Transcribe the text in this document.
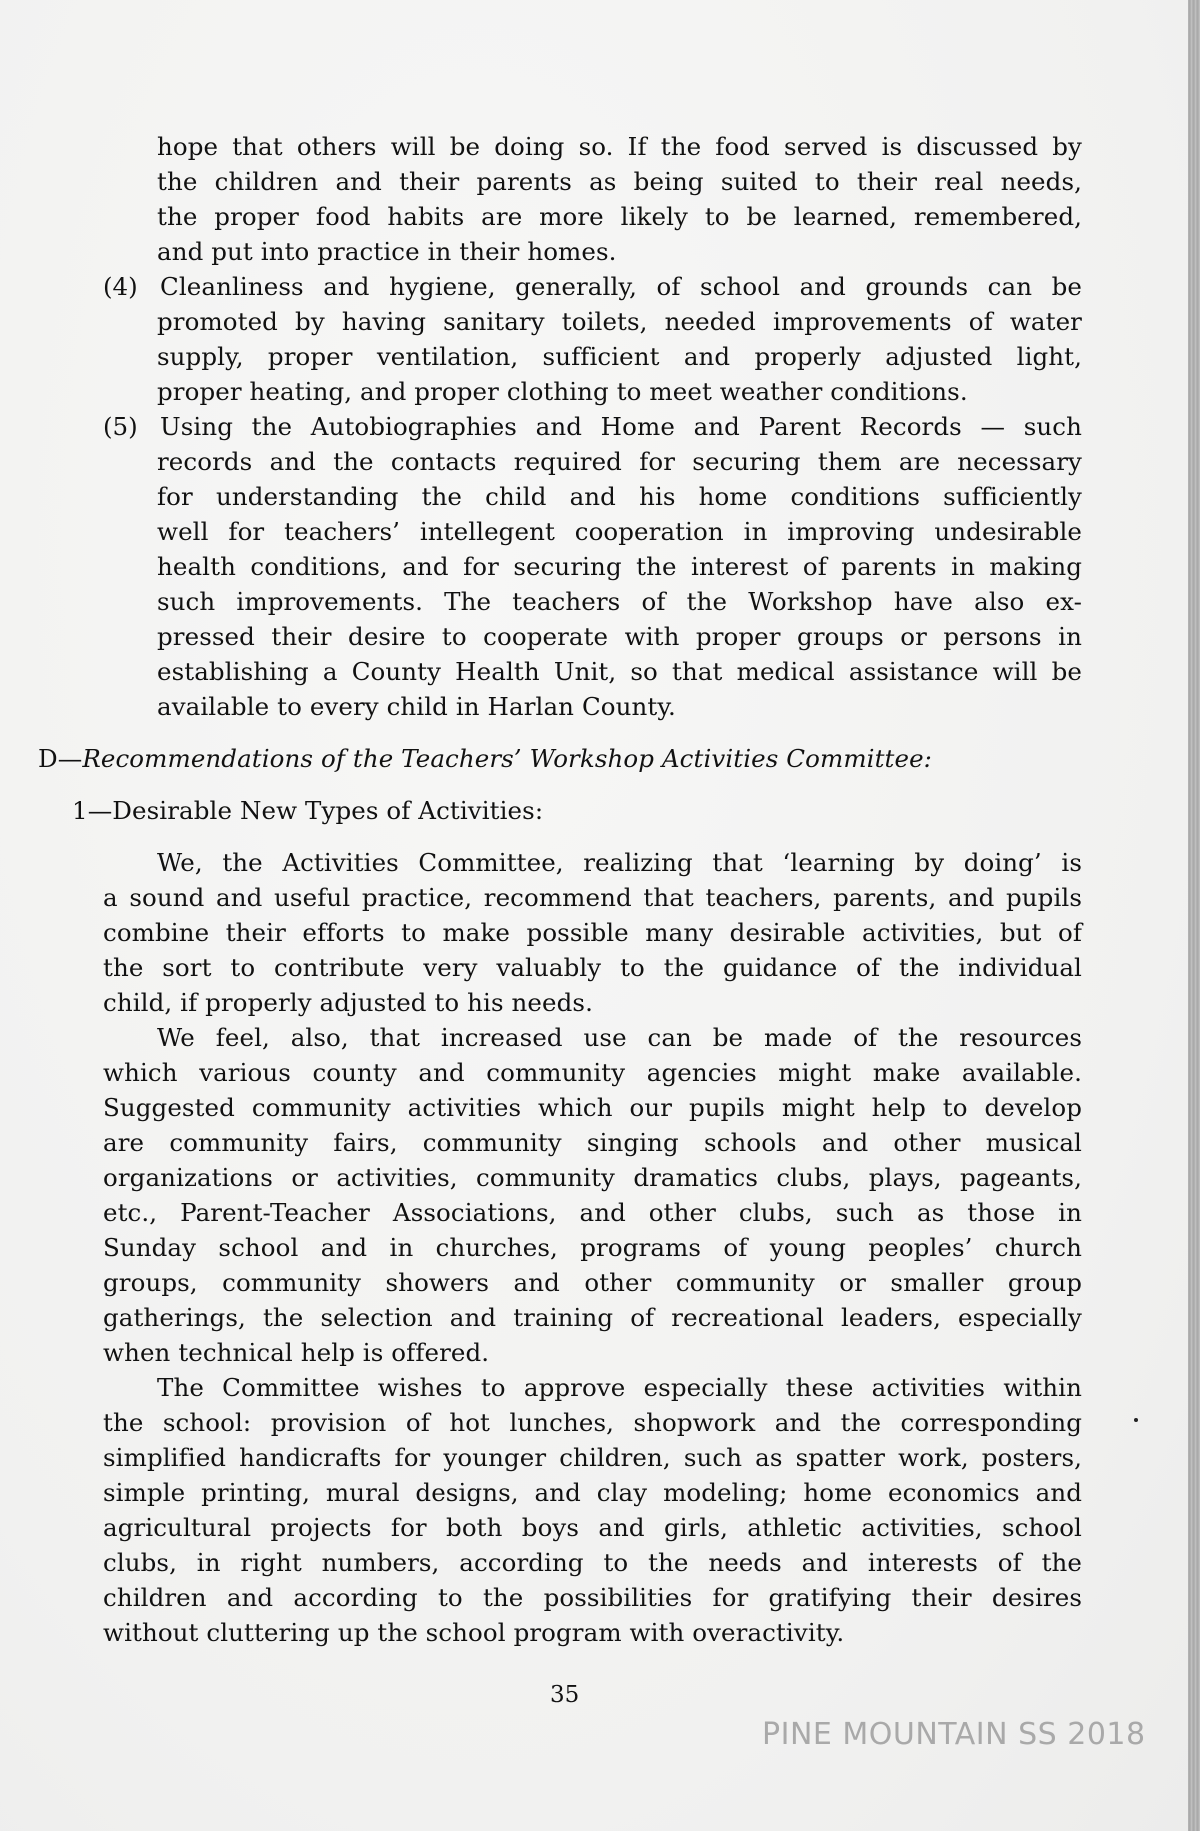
hope that others will be doing so. If the food served is discussed by
the children and their parents as being suited to their real needs,
the proper food habits are more likely to be learned, remembered,
and put into practice in their homes.
(4) Cleanliness and hygiene, generally, of school and grounds can be
promoted by having sanitary toilets, needed improvements of water
supply, proper ventilation, sufficient and properly adjusted light,
proper heating, and proper clothing to meet weather conditions.
(5) Using the Autobiographies and Home and Parent Records — such
records and the contacts required for securing them are necessary
for understanding the child and his home conditions sufficiently
well for teachers’ intellegent cooperation in improving undesirable
health conditions, and for securing the interest of parents in making
such improvements. The teachers of the Workshop have also ex-
pressed their desire to cooperate with proper groups or persons in
establishing a County Health Unit, so that medical assistance will be
available to every child in Harlan County.
D—Recommendations of the Teachers’ Workshop Activities Committee:
1—Desirable New Types of Activities:
We, the Activities Committee, realizing that ‘learning by doing’ is
a sound and useful practice, recommend that teachers, parents, and pupils
combine their efforts to make possible many desirable activities, but of
the sort to contribute very valuably to the guidance of the individual
child, if properly adjusted to his needs.
We feel, also, that increased use can be made of the resources
which various county and community agencies might make available.
Suggested community activities which our pupils might help to develop
are community fairs, community singing schools and other musical
organizations or activities, community dramatics clubs, plays, pageants,
etc., Parent-Teacher Associations, and other clubs, such as those in
Sunday school and in churches, programs of young peoples’ church
groups, community showers and other community or smaller group
gatherings, the selection and training of recreational leaders, especially
when technical help is offered.
The Committee wishes to approve especially these activities within
the school: provision of hot lunches, shopwork and the corresponding
simplified handicrafts for younger children, such as spatter work, posters,
simple printing, mural designs, and clay modeling; home economics and
agricultural projects for both boys and girls, athletic activities, school
clubs, in right numbers, according to the needs and interests of the
children and according to the possibilities for gratifying their desires
without cluttering up the school program with overactivity.
35
PINE MOUNTAIN SS 2018
